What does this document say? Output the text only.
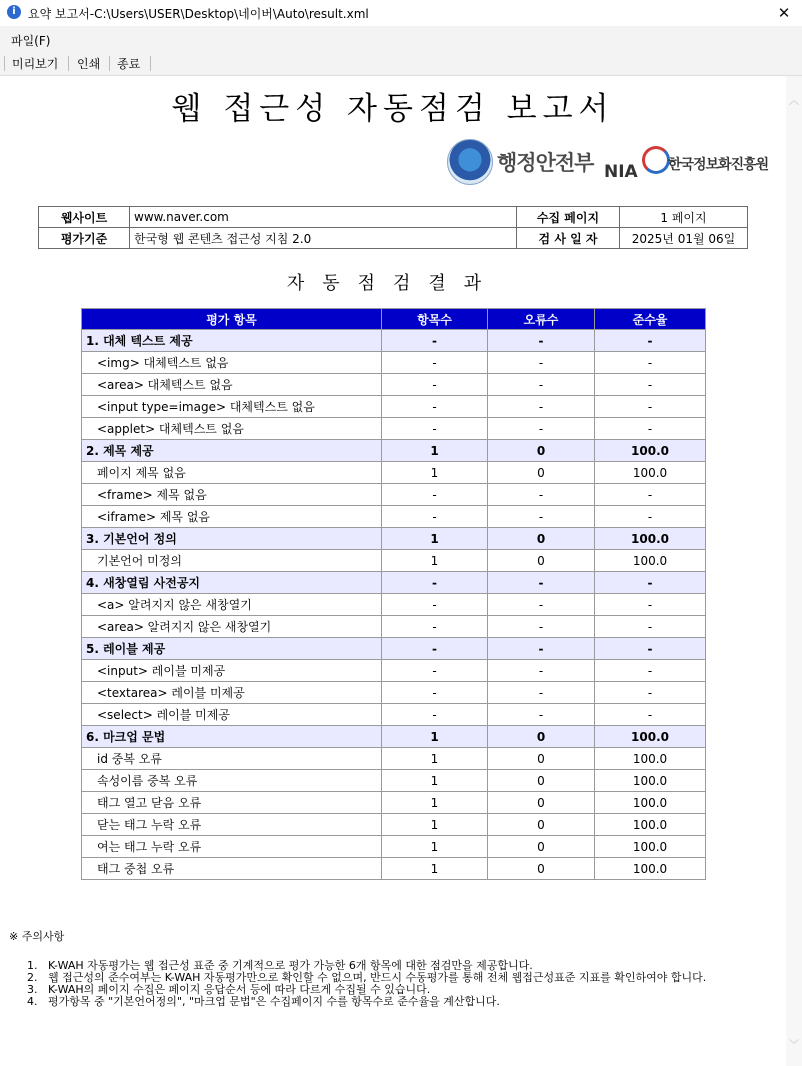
i	요약 보고서-C:\Users\USER\Desktop\네이버\Auto\result.xml	✕
파일(F)
미리보기 인쇄 종료
웹 접근성 자동점검 보고서
행정안전부 NIA 한국정보화진흥원
웹사이트	www.naver.com	수집 페이지	1 페이지
평가기준	한국형 웹 콘텐츠 접근성 지침 2.0	검 사 일 자	2025년 01월 06일
자동점검결과
평가 항목	항목수	오류수	준수율
1. 대체 텍스트 제공	-	-	-
<img> 대체텍스트 없음	-	-	-
<area> 대체텍스트 없음	-	-	-
<input type=image> 대체텍스트 없음	-	-	-
<applet> 대체텍스트 없음	-	-	-
2. 제목 제공	1	0	100.0
페이지 제목 없음	1	0	100.0
<frame> 제목 없음	-	-	-
<iframe> 제목 없음	-	-	-
3. 기본언어 정의	1	0	100.0
기본언어 미정의	1	0	100.0
4. 새창열림 사전공지	-	-	-
<a> 알려지지 않은 새창열기	-	-	-
<area> 알려지지 않은 새창열기	-	-	-
5. 레이블 제공	-	-	-
<input> 레이블 미제공	-	-	-
<textarea> 레이블 미제공	-	-	-
<select> 레이블 미제공	-	-	-
6. 마크업 문법	1	0	100.0
id 중복 오류	1	0	100.0
속성이름 중복 오류	1	0	100.0
태그 열고 닫음 오류	1	0	100.0
닫는 태그 누락 오류	1	0	100.0
여는 태그 누락 오류	1	0	100.0
태그 중첩 오류	1	0	100.0
※ 주의사항
1. K-WAH 자동평가는 웹 접근성 표준 중 기계적으로 평가 가능한 6개 항목에 대한 점검만을 제공합니다.
2. 웹 접근성의 준수여부는 K-WAH 자동평가만으로 확인할 수 없으며, 반드시 수동평가를 통해 전체 웹접근성표준 지표를 확인하여야 합니다.
3. K-WAH의 페이지 수집은 페이지 응답순서 등에 따라 다르게 수집될 수 있습니다.
4. 평가항목 중 "기본언어정의", "마크업 문법"은 수집페이지 수를 항목수로 준수율을 계산합니다.
︿
﹀
